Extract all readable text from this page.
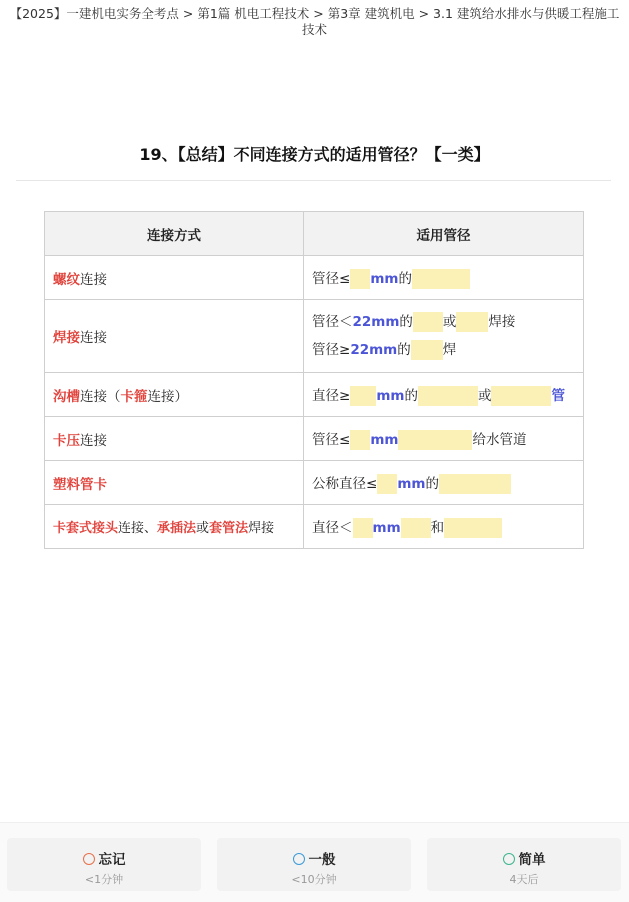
【2025】一建机电实务全考点 > 第1篇 机电工程技术 > 第3章 建筑机电 > 3.1 建筑给水排水与供暖工程施工技术
19、【总结】不同连接方式的适用管径？【一类】
连接方式	适用管径
螺纹连接	管径≤ mm的
焊接连接	管径＜22mm的 或 焊接
管径≥22mm的 焊

沟槽连接（卡箍连接）	直径≥ mm的 或 管
卡压连接	管径≤ mm 给水管道
塑料管卡	公称直径≤ mm的
卡套式接头连接、承插法或套管法焊接	直径＜ mm 和
忘记
<1分钟
一般
<10分钟
简单
4天后
